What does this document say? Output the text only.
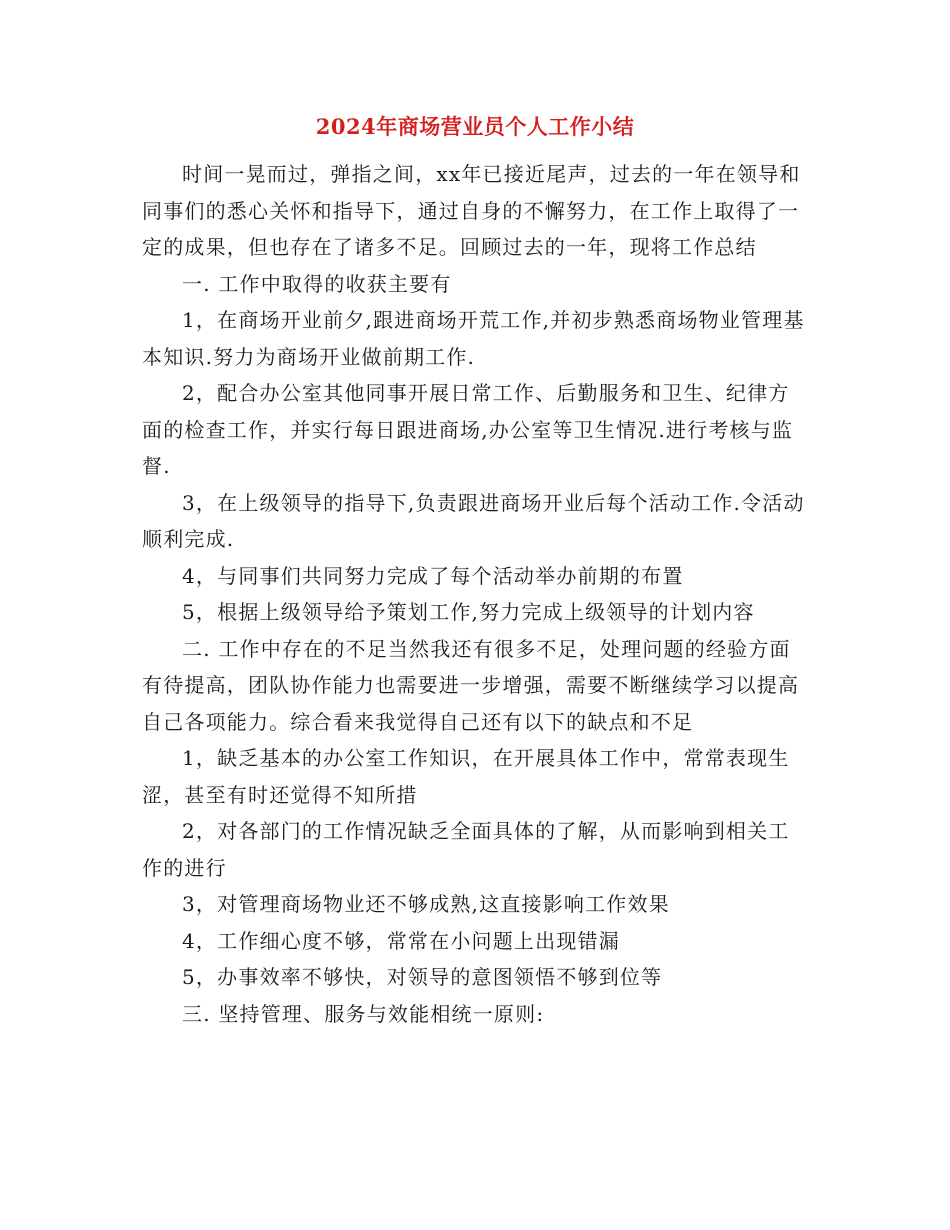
2024年商场营业员个人工作小结

时间一晃而过，弹指之间，xx年已接近尾声，过去的一年在领导和同事们的悉心关怀和指导下，通过自身的不懈努力，在工作上取得了一定的成果，但也存在了诸多不足。回顾过去的一年，现将工作总结

一. 工作中取得的收获主要有

1，在商场开业前夕,跟进商场开荒工作,并初步熟悉商场物业管理基本知识.努力为商场开业做前期工作.

2，配合办公室其他同事开展日常工作、后勤服务和卫生、纪律方面的检查工作，并实行每日跟进商场,办公室等卫生情况.进行考核与监督.

3，在上级领导的指导下,负责跟进商场开业后每个活动工作.令活动顺利完成.

4，与同事们共同努力完成了每个活动举办前期的布置

5，根据上级领导给予策划工作,努力完成上级领导的计划内容

二. 工作中存在的不足当然我还有很多不足，处理问题的经验方面有待提高，团队协作能力也需要进一步增强，需要不断继续学习以提高自己各项能力。综合看来我觉得自己还有以下的缺点和不足

1，缺乏基本的办公室工作知识，在开展具体工作中，常常表现生涩，甚至有时还觉得不知所措

2，对各部门的工作情况缺乏全面具体的了解，从而影响到相关工作的进行

3，对管理商场物业还不够成熟,这直接影响工作效果

4，工作细心度不够，常常在小问题上出现错漏

5，办事效率不够快，对领导的意图领悟不够到位等

三. 坚持管理、服务与效能相统一原则:
